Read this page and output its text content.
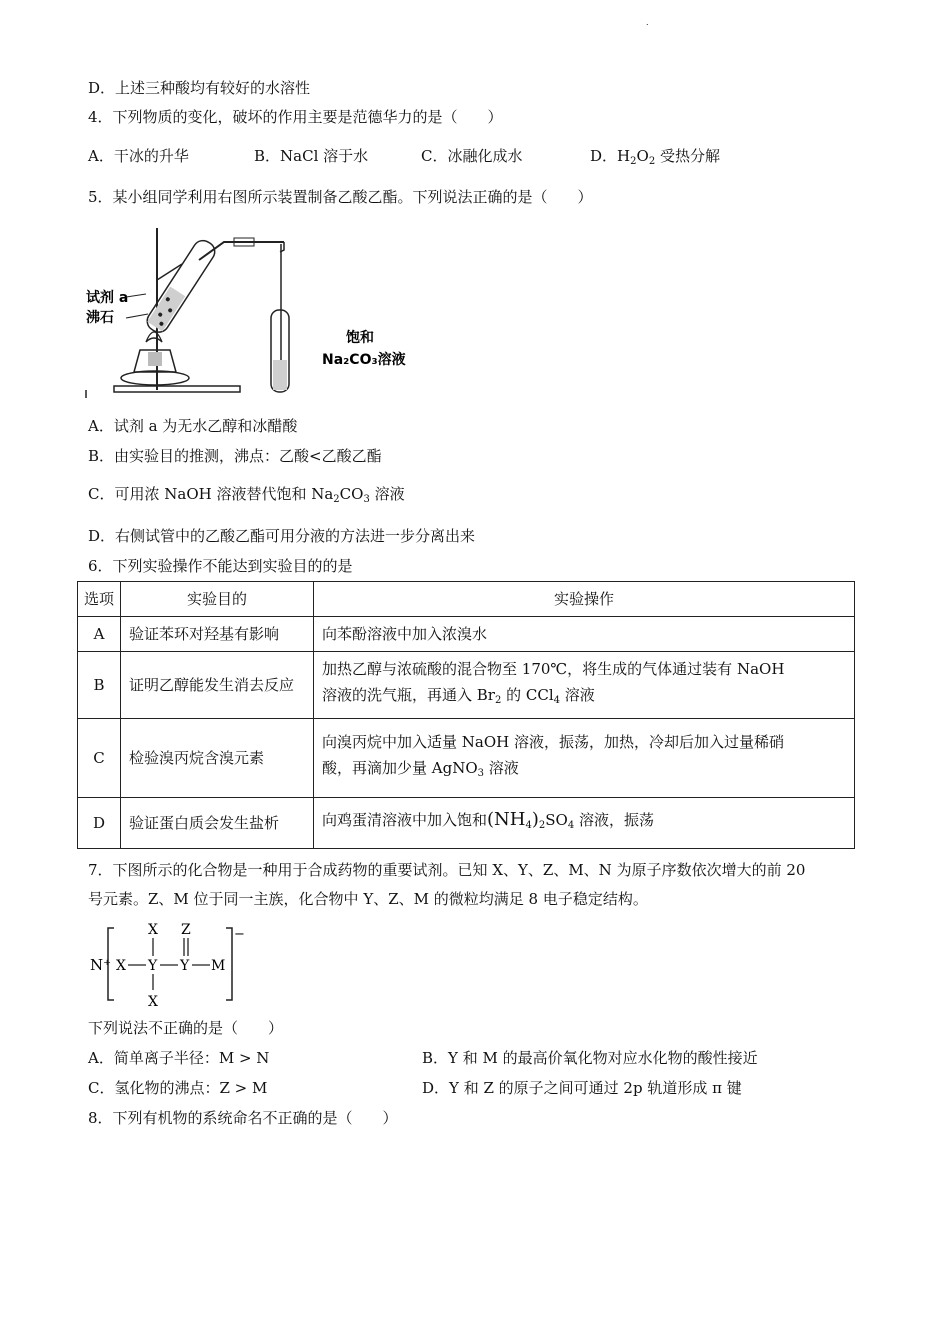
.
D．上述三种酸均有较好的水溶性
4．下列物质的变化，破坏的作用主要是范德华力的是（　　）
A．干冰的升华	B．NaCl 溶于水	C．冰融化成水	D．$H_2O_2$ 受热分解
5．某小组同学利用右图所示装置制备乙酸乙酯。下列说法正确的是（　　）
试剂 a
沸石
饱和
Na₂CO₃溶液
A．试剂 a 为无水乙醇和冰醋酸
B．由实验目的推测，沸点：乙酸<乙酸乙酯
C．可用浓 NaOH 溶液替代饱和 $Na_2CO_3$ 溶液
D．右侧试管中的乙酸乙酯可用分液的方法进一步分离出来
6．下列实验操作不能达到实验目的的是
选项	实验目的	实验操作
A	验证苯环对羟基有影响	向苯酚溶液中加入浓溴水
B	证明乙醇能发生消去反应	加热乙醇与浓硫酸的混合物至 170℃，将生成的气体通过装有 NaOH
溶液的洗气瓶，再通入 $Br_2$ 的 CCl$_4$ 溶液

C	检验溴丙烷含溴元素	向溴丙烷中加入适量 NaOH 溶液，振荡，加热，冷却后加入过量稀硝
酸，再滴加少量 AgNO$_3$ 溶液

D	验证蛋白质会发生盐析	向鸡蛋清溶液中加入饱和$(NH_4)_2SO_4$ 溶液，振荡
7．下图所示的化合物是一种用于合成药物的重要试剂。已知 X、Y、Z、M、N 为原子序数依次增大的前 20
号元素。Z、M 位于同一主族，化合物中 Y、Z、M 的微粒均满足 8 电子稳定结构。
N⁺
−
X Z
X Y Y M
X
下列说法不正确的是（　　）
A．简单离子半径：M > N	B．Y 和 M 的最高价氧化物对应水化物的酸性接近
C．氢化物的沸点：Z > M	D．Y 和 Z 的原子之间可通过 2p 轨道形成 π 键
8．下列有机物的系统命名不正确的是（　　）
